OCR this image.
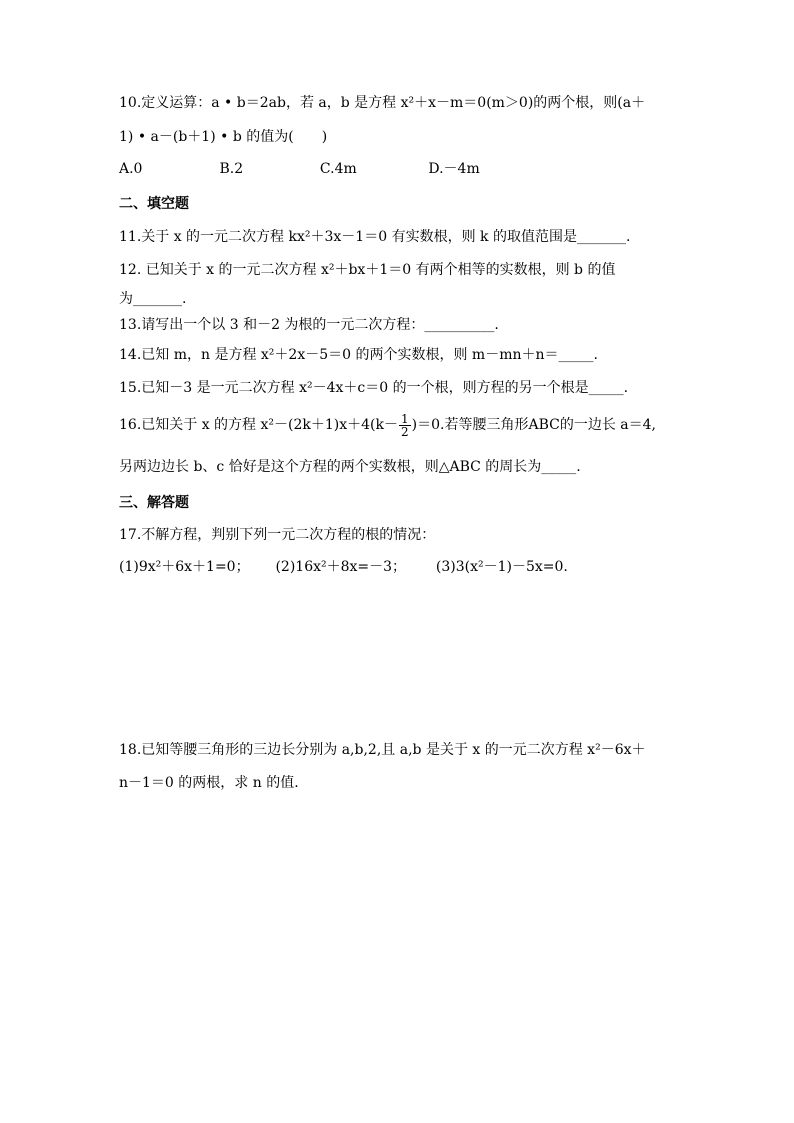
10.定义运算：a • b＝2ab，若 a，b 是方程 x²＋x－m＝0(m＞0)的两个根，则(a＋
1) • a－(b＋1) • b 的值为(　　)
A.0	B.2	C.4m	D.－4m
二、填空题
11.关于 x 的一元二次方程 kx²＋3x－1＝0 有实数根，则 k 的取值范围是_______.
12. 已知关于 x 的一元二次方程 x²＋bx＋1＝0 有两个相等的实数根，则 b 的值
为_______.
13.请写出一个以 3 和－2 为根的一元二次方程：__________.
14.已知 m，n 是方程 x²＋2x－5＝0 的两个实数根，则 m－mn＋n＝_____.
15.已知－3 是一元二次方程 x²－4x＋c＝0 的一个根，则方程的另一个根是_____.
16.已知关于 x 的方程 $x^2-(2k+1)x+4(k- \frac{1}{2} )=0$.若等腰三角形ABC的一边长 a＝4,
另两边边长 b、c 恰好是这个方程的两个实数根，则△ABC 的周长为_____.
三、解答题
17.不解方程，判别下列一元二次方程的根的情况：
(1)9x²＋6x＋1=0； (2)16x²＋8x=－3； (3)3(x²－1)－5x=0.
18.已知等腰三角形的三边长分别为 a,b,2,且 a,b 是关于 x 的一元二次方程 x²－6x＋
n－1＝0 的两根，求 n 的值.
